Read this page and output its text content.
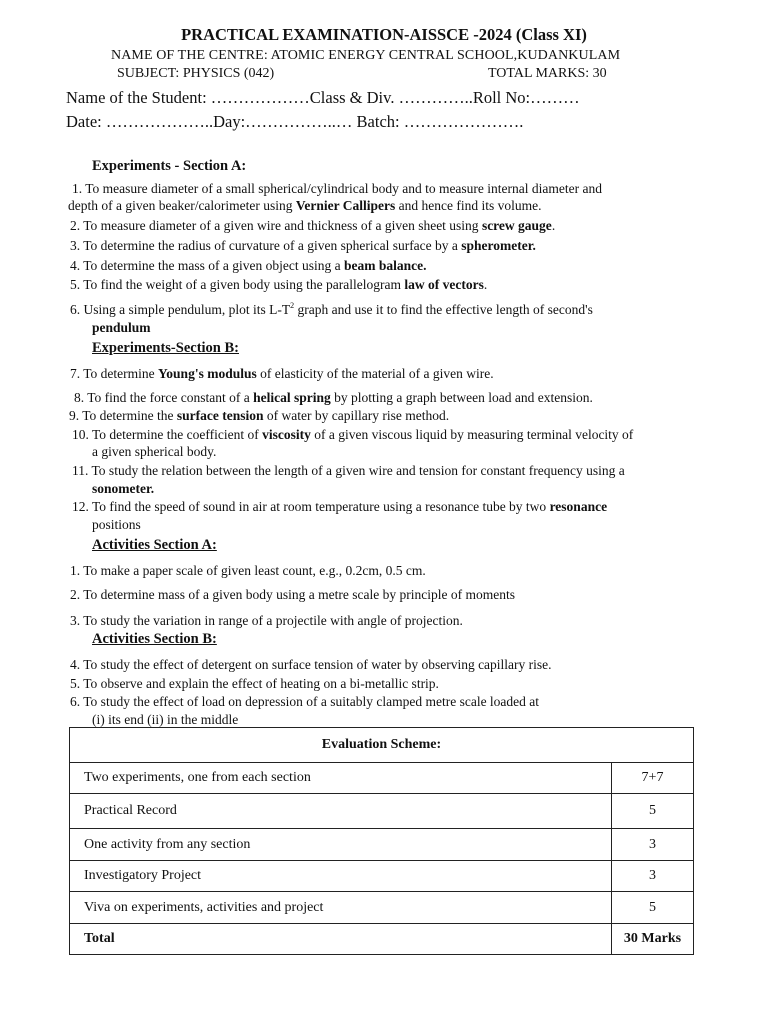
PRACTICAL EXAMINATION-AISSCE -2024 (Class XI)
NAME OF THE CENTRE: ATOMIC ENERGY CENTRAL SCHOOL,KUDANKULAM
SUBJECT: PHYSICS (042)	TOTAL MARKS: 30
Name of the Student: ………………Class & Div. …………..Roll No:………
Date: ………………..Day:……………..… Batch: ………………….
Experiments - Section A:
1. To measure diameter of a small spherical/cylindrical body and to measure internal diameter and
depth of a given beaker/calorimeter using Vernier Callipers and hence find its volume.
2. To measure diameter of a given wire and thickness of a given sheet using screw gauge.
3. To determine the radius of curvature of a given spherical surface by a spherometer.
4. To determine the mass of a given object using a beam balance.
5. To find the weight of a given body using the parallelogram law of vectors.
6. Using a simple pendulum, plot its $L-T^2$ graph and use it to find the effective length of second's
pendulum
Experiments-Section B:
7. To determine Young's modulus of elasticity of the material of a given wire.
8. To find the force constant of a helical spring by plotting a graph between load and extension.
9. To determine the surface tension of water by capillary rise method.
10. To determine the coefficient of viscosity of a given viscous liquid by measuring terminal velocity of
a given spherical body.
11. To study the relation between the length of a given wire and tension for constant frequency using a
sonometer.
12. To find the speed of sound in air at room temperature using a resonance tube by two resonance
positions
Activities Section A:
1. To make a paper scale of given least count, e.g., 0.2cm, 0.5 cm.
2. To determine mass of a given body using a metre scale by principle of moments
3. To study the variation in range of a projectile with angle of projection.
Activities Section B:
4. To study the effect of detergent on surface tension of water by observing capillary rise.
5. To observe and explain the effect of heating on a bi-metallic strip.
6. To study the effect of load on depression of a suitably clamped metre scale loaded at
(i) its end (ii) in the middle
Evaluation Scheme:	
Two experiments, one from each section	7+7
Practical Record	5
One activity from any section	3
Investigatory Project	3
Viva on experiments, activities and project	5
Total	30 Marks
